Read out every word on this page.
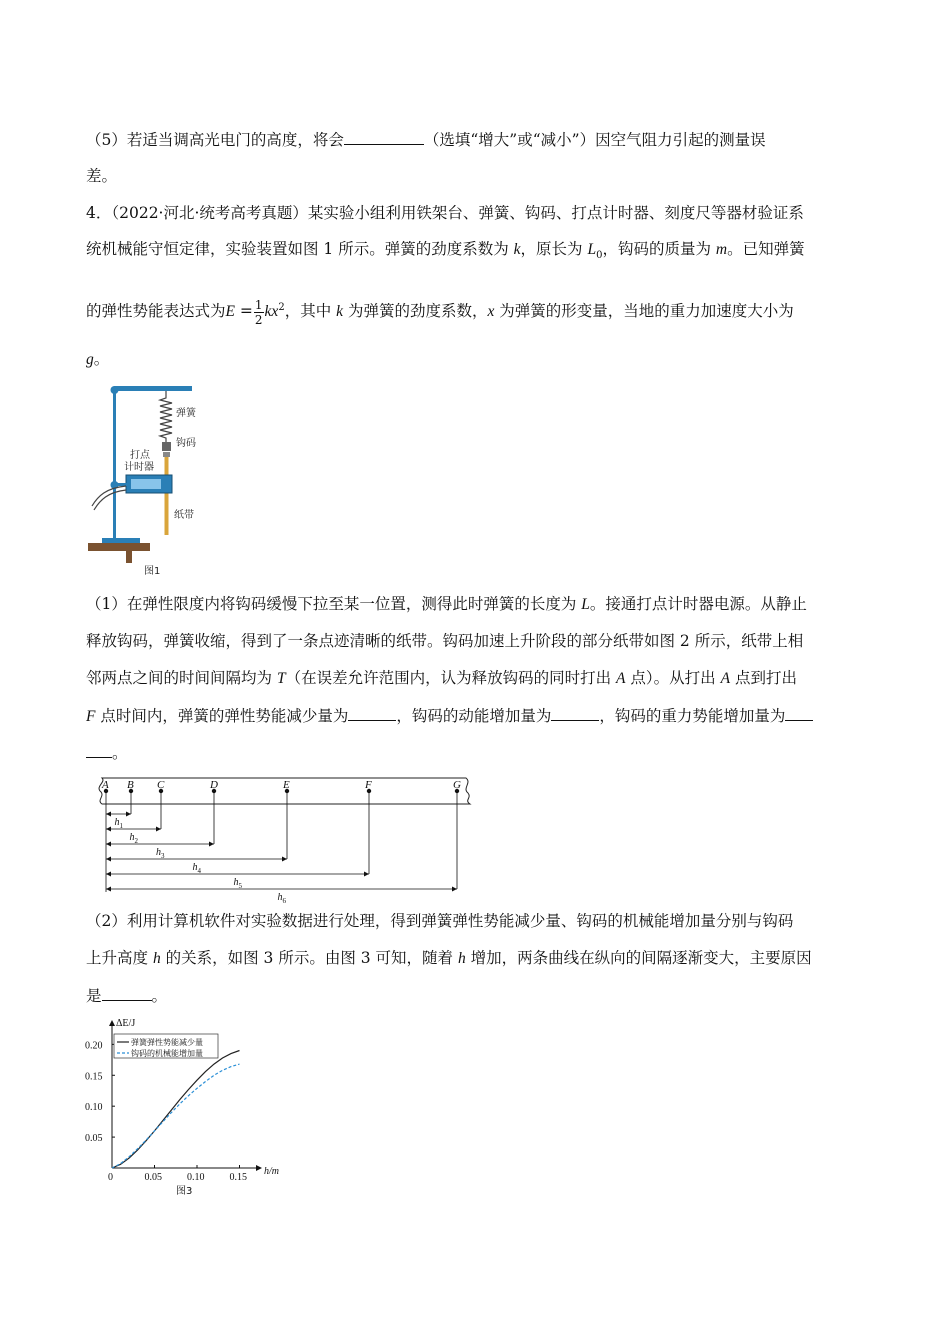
（5）若适当调高光电门的高度，将会	（选填“增大”或“减小”）因空气阻力引起的测量误
差。
4．（2022·河北·统考高考真题）某实验小组利用铁架台、弹簧、钩码、打点计时器、刻度尺等器材验证系
统机械能守恒定律，实验装置如图 1 所示。弹簧的劲度系数为 k，原长为 $L_0$，钩码的质量为 m。已知弹簧
的弹性势能表达式为$E = \frac{1}{2} kx^2$，其中 k 为弹簧的劲度系数，x 为弹簧的形变量，当地的重力加速度大小为
g。
弹簧
钩码
打点
计时器
纸带
图1
（1）在弹性限度内将钩码缓慢下拉至某一位置，测得此时弹簧的长度为 L。接通打点计时器电源。从静止
释放钩码，弹簧收缩，得到了一条点迹清晰的纸带。钩码加速上升阶段的部分纸带如图 2 所示，纸带上相
邻两点之间的时间间隔均为 T（在误差允许范围内，认为释放钩码的同时打出 A 点）。从打出 A 点到打出
F 点时间内，弹簧的弹性势能减少量为	，钩码的动能增加量为	，钩码的重力势能增加量为
。
A B C	D	E	F	G
$h_1$
$h_2$
$h_3$
$h_4$
$h_5$
$h_6$
（2）利用计算机软件对实验数据进行处理，得到弹簧弹性势能减少量、钩码的机械能增加量分别与钩码
上升高度 h 的关系，如图 3 所示。由图 3 可知，随着 h 增加，两条曲线在纵向的间隔逐渐变大，主要原因
是	。
0	0.05	0.10	0.15
0.05
0.10
0.15
0.20
ΔE/J
h/m
图3
弹簧弹性势能减少量
钩码的机械能增加量
